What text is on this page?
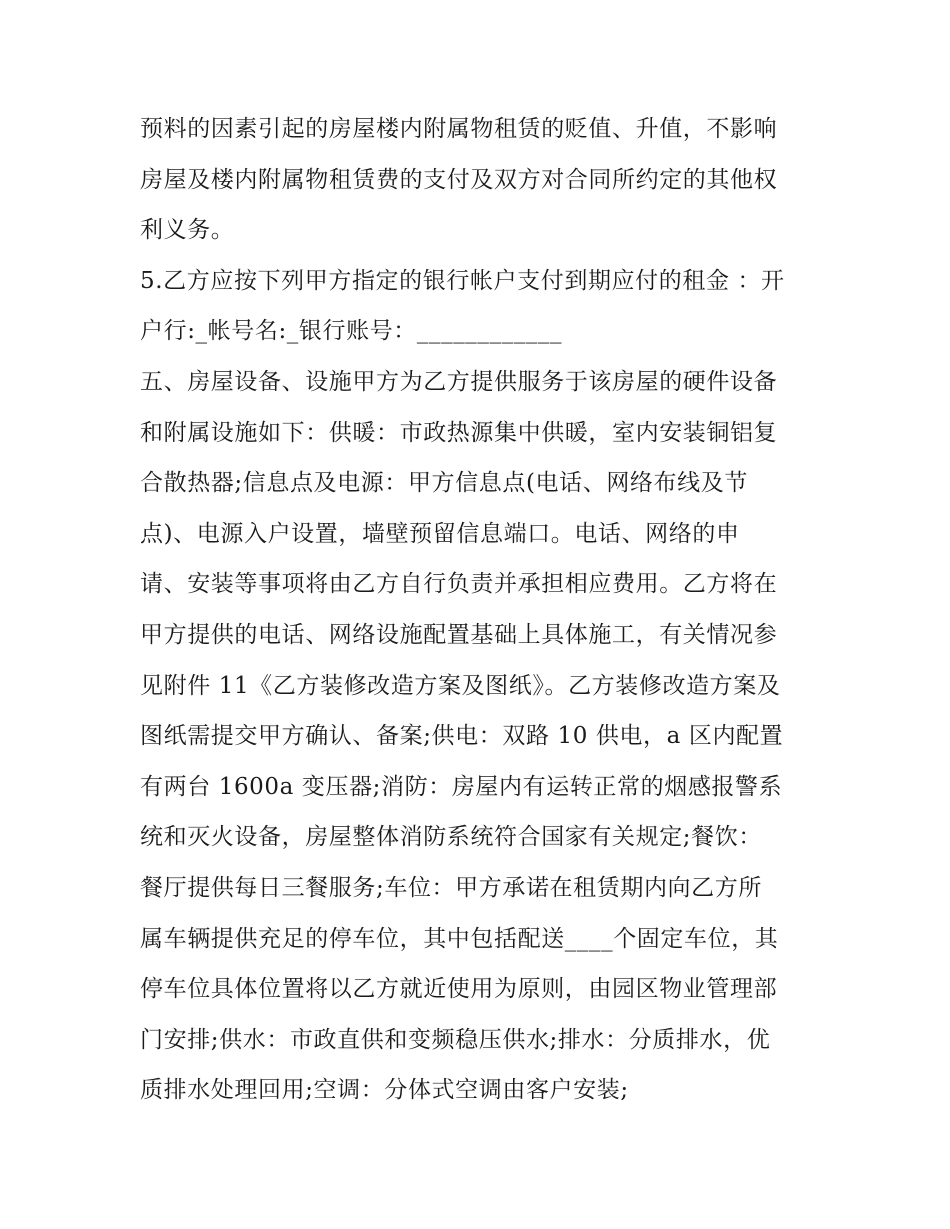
预料的因素引起的房屋楼内附属物租赁的贬值、升值，不影响
房屋及楼内附属物租赁费的支付及双方对合同所约定的其他权
利义务。
5.乙方应按下列甲方指定的银行帐户支付到期应付的租金 ：开
户行:_帐号名:_银行账号：____________
五、房屋设备、设施甲方为乙方提供服务于该房屋的硬件设备
和附属设施如下：供暖：市政热源集中供暖，室内安装铜铝复
合散热器;信息点及电源：甲方信息点(电话、网络布线及节
点)、电源入户设置，墙壁预留信息端口。电话、网络的申
请、安装等事项将由乙方自行负责并承担相应费用。乙方将在
甲方提供的电话、网络设施配置基础上具体施工，有关情况参
见附件 11《乙方装修改造方案及图纸》。乙方装修改造方案及
图纸需提交甲方确认、备案;供电：双路 10 供电，a 区内配置
有两台 1600a 变压器;消防：房屋内有运转正常的烟感报警系
统和灭火设备，房屋整体消防系统符合国家有关规定;餐饮：
餐厅提供每日三餐服务;车位：甲方承诺在租赁期内向乙方所
属车辆提供充足的停车位，其中包括配送____个固定车位，其
停车位具体位置将以乙方就近使用为原则，由园区物业管理部
门安排;供水：市政直供和变频稳压供水;排水：分质排水，优
质排水处理回用;空调：分体式空调由客户安装;
